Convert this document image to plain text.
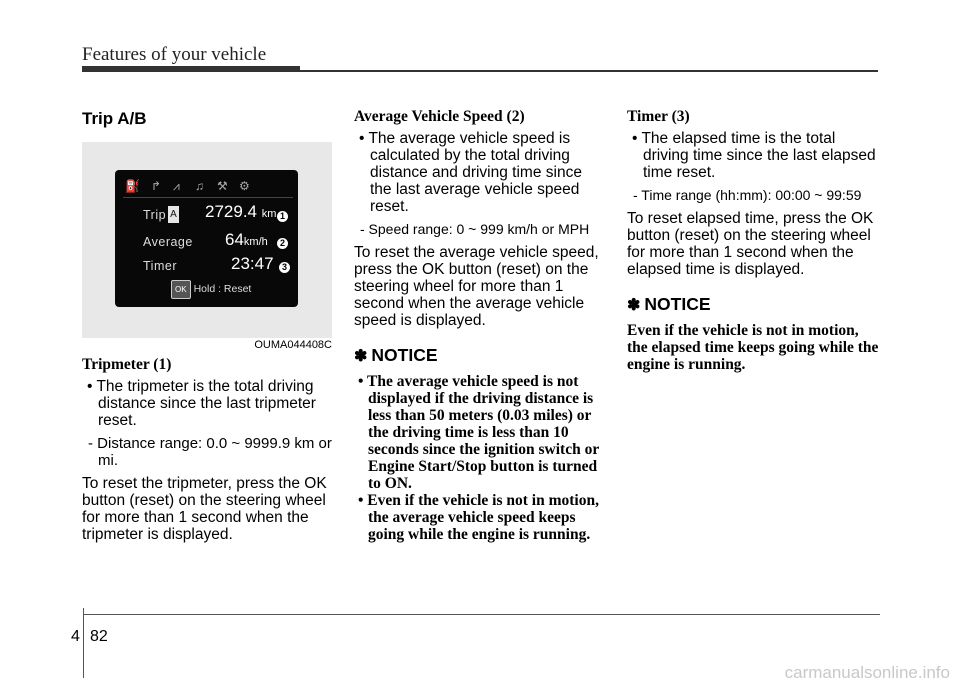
Features of your vehicle
Trip A/B
⛽ ↱ ⩘ ♫ ⚒ ⚙
Trip A 2729.4 km 1
Average 64km/h	2
Timer	23:47 3
OK Hold : Reset
OUMA044408C
Tripmeter (1)
• The tripmeter is the total driving distance since the last tripmeter reset.
- Distance range: 0.0 ~ 9999.9 km or mi.

To reset the tripmeter, press the OK button (reset) on the steering wheel for more than 1 second when the tripmeter is displayed.

Average Vehicle Speed (2)
• The average vehicle speed is calculated by the total driving distance and driving time since the last average vehicle speed reset.
- Speed range: 0 ~ 999 km/h or MPH

To reset the average vehicle speed, press the OK button (reset) on the steering wheel for more than 1 second when the average vehicle speed is displayed.

✽ NOTICE
• The average vehicle speed is not displayed if the driving distance is less than 50 meters (0.03 miles) or the driving time is less than 10 seconds since the ignition switch or Engine Start/Stop button is turned to ON.
• Even if the vehicle is not in motion, the average vehicle speed keeps going while the engine is running.
Timer (3)
• The elapsed time is the total driving time since the last elapsed time reset.
- Time range (hh:mm): 00:00 ~ 99:59

To reset elapsed time, press the OK button (reset) on the steering wheel for more than 1 second when the elapsed time is displayed.

✽ NOTICE
Even if the vehicle is not in motion, the elapsed time keeps going while the engine is running.
4 82
carmanualsonline.info
